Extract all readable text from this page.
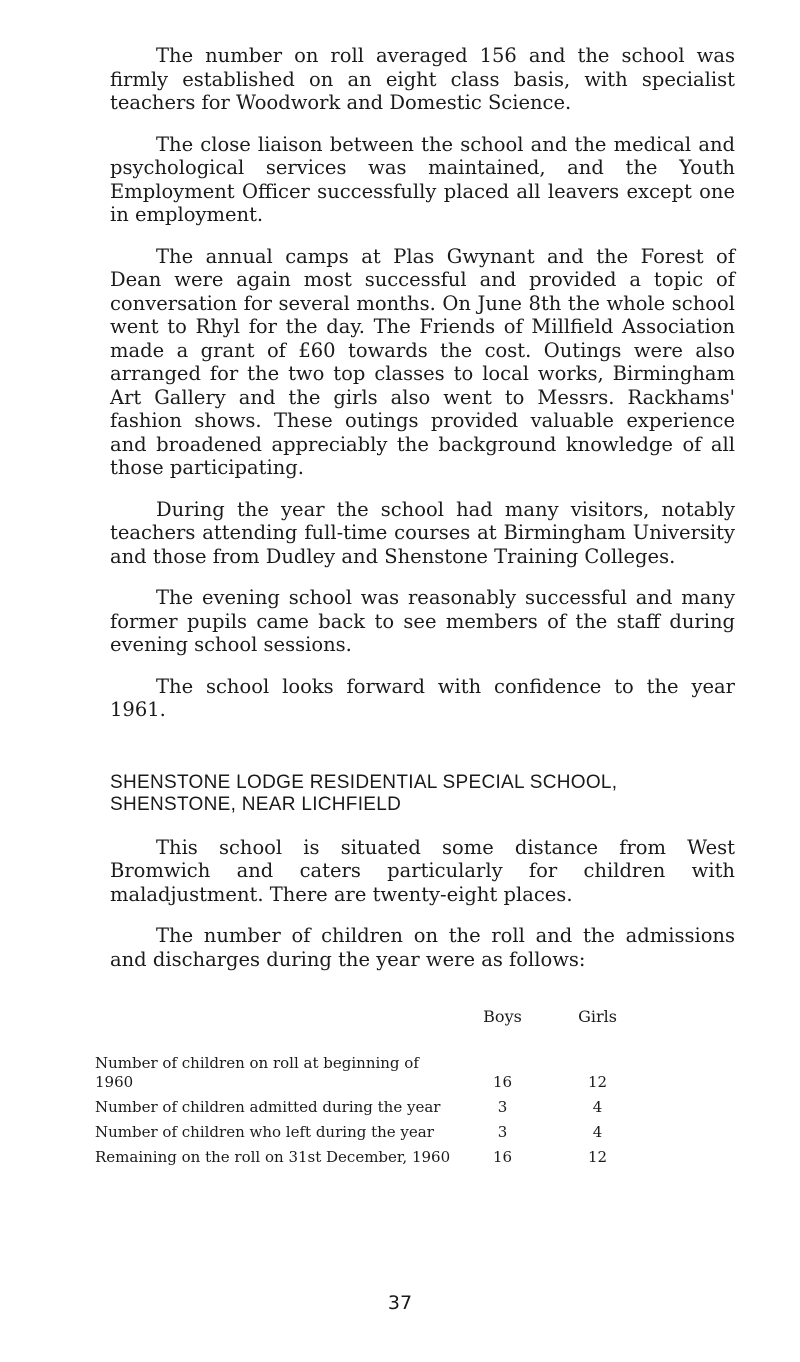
The number on roll averaged 156 and the school was firmly established on an eight class basis, with specialist teachers for Woodwork and Domestic Science.

The close liaison between the school and the medical and psychological services was maintained, and the Youth Employment Officer successfully placed all leavers except one in employment.

The annual camps at Plas Gwynant and the Forest of Dean were again most successful and provided a topic of conversation for several months. On June 8th the whole school went to Rhyl for the day. The Friends of Millfield Association made a grant of £60 towards the cost. Outings were also arranged for the two top classes to local works, Birmingham Art Gallery and the girls also went to Messrs. Rackhams' fashion shows. These outings provided valuable experience and broadened appreciably the background knowledge of all those participating.

During the year the school had many visitors, notably teachers attending full-time courses at Birmingham University and those from Dudley and Shenstone Training Colleges.

The evening school was reasonably successful and many former pupils came back to see members of the staff during evening school sessions.

The school looks forward with confidence to the year 1961.

SHENSTONE LODGE RESIDENTIAL SPECIAL SCHOOL, SHENSTONE, NEAR LICHFIELD

This school is situated some distance from West Bromwich and caters particularly for children with maladjustment. There are twenty-eight places.

The number of children on the roll and the admissions and discharges during the year were as follows:

	Boys	Girls
Number of children on roll at beginning of 1960	16	12
Number of children admitted during the year	3	4
Number of children who left during the year	3	4
Remaining on the roll on 31st December, 1960	16	12
37
